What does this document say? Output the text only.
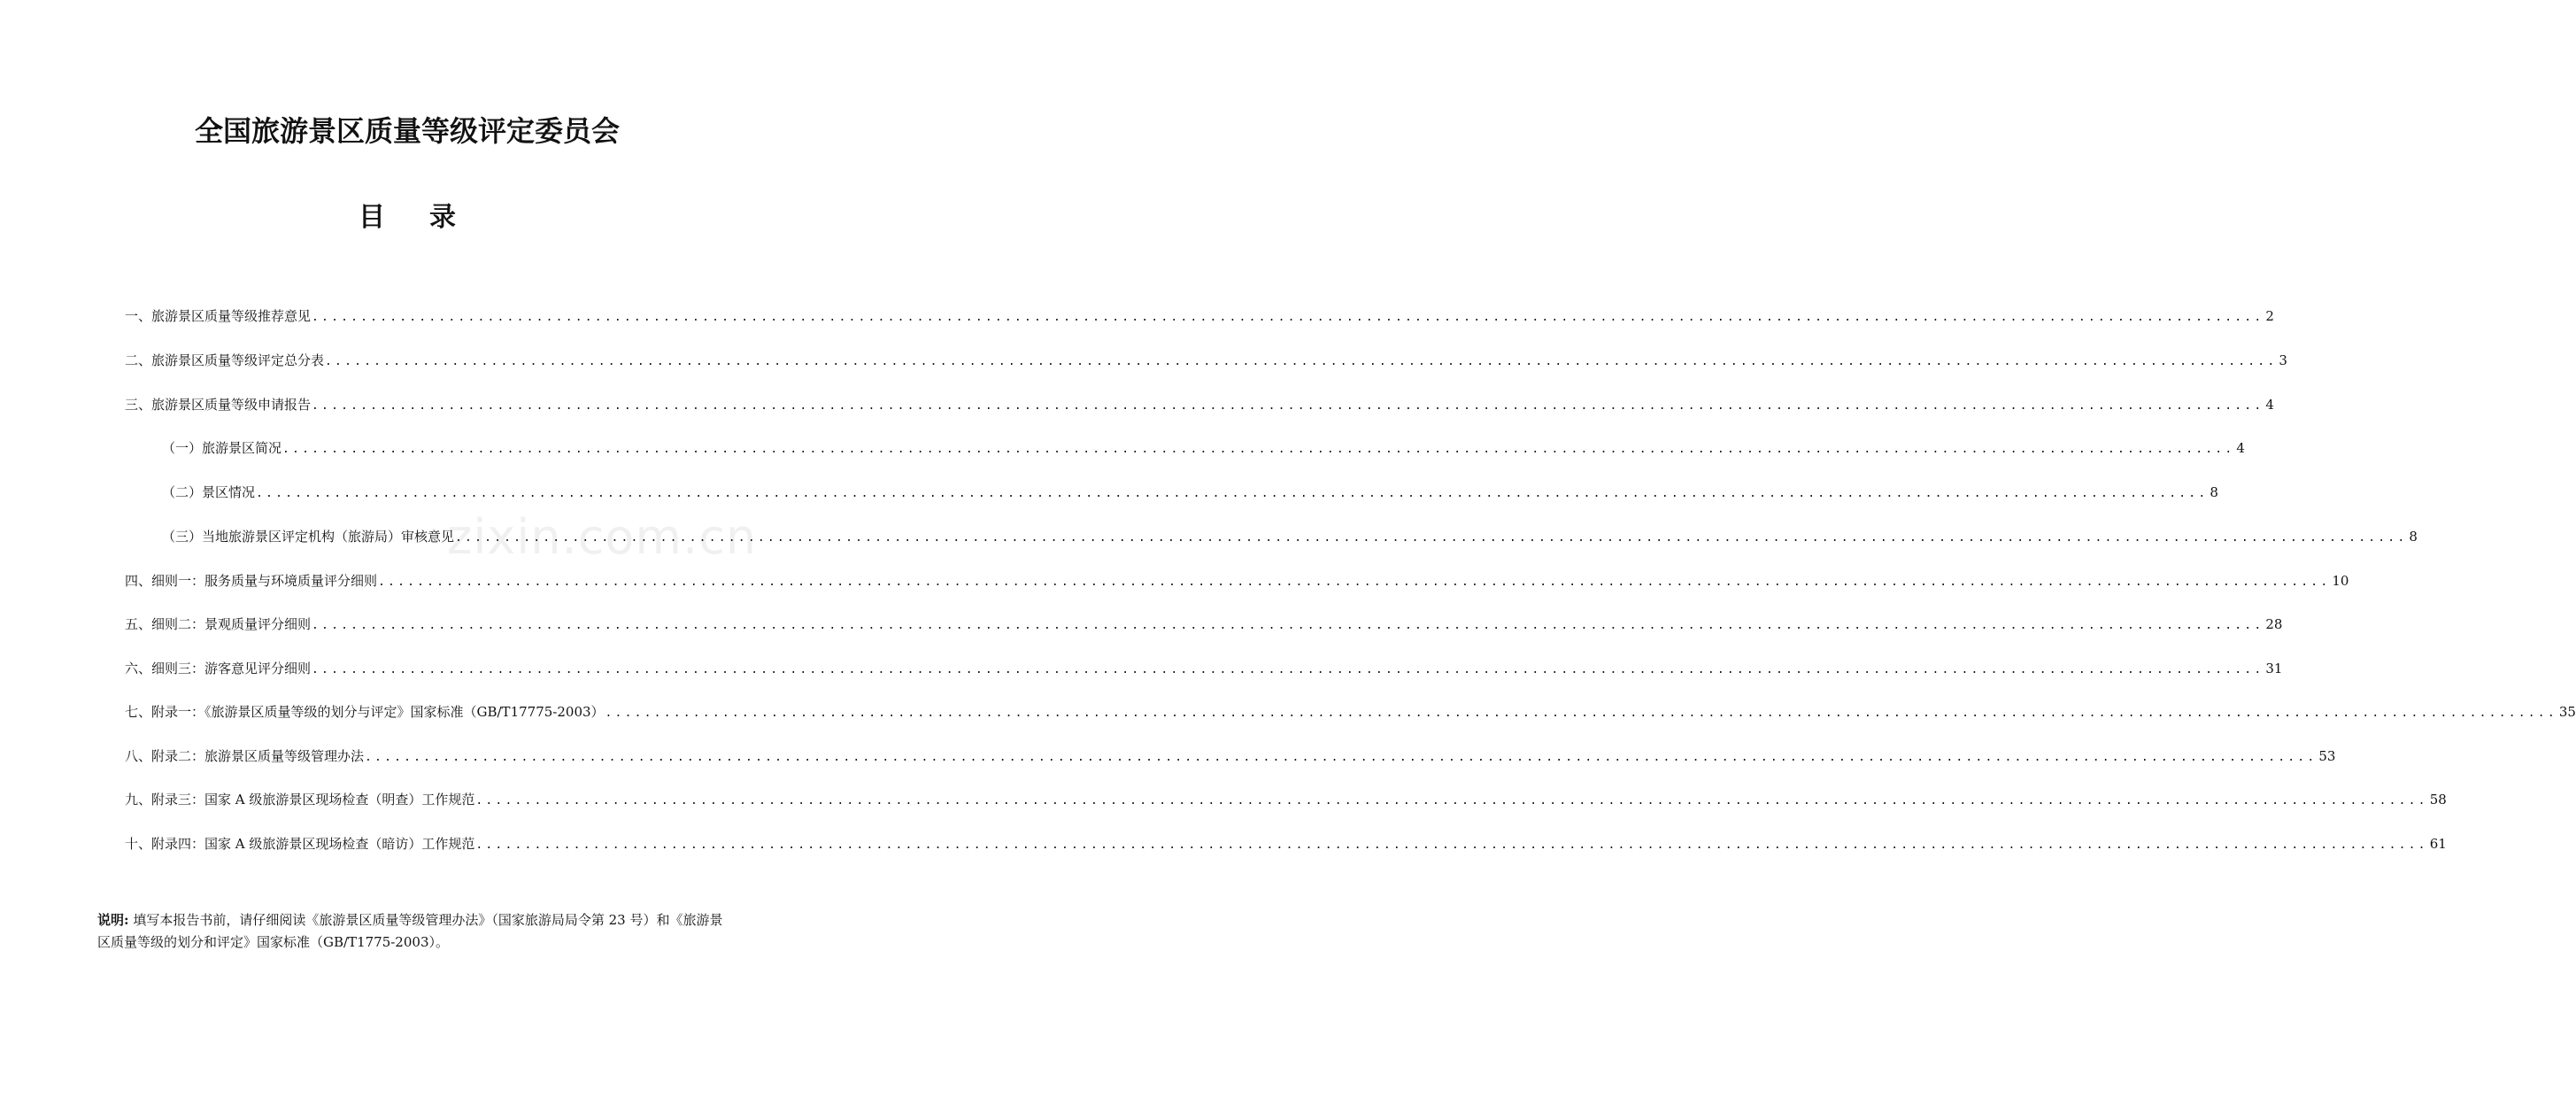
全国旅游景区质量等级评定委员会
目 录
一、旅游景区质量等级推荐意见 ........................................................................................................................................................................................................ 2
二、旅游景区质量等级评定总分表 ........................................................................................................................................................................................................ 3
三、旅游景区质量等级申请报告 ........................................................................................................................................................................................................ 4
（一）旅游景区简况 ........................................................................................................................................................................................................ 4
（二）景区情况 ........................................................................................................................................................................................................ 8
（三）当地旅游景区评定机构（旅游局）审核意见 ........................................................................................................................................................................................................ 8
四、细则一：服务质量与环境质量评分细则 ........................................................................................................................................................................................................ 10
五、细则二：景观质量评分细则 ........................................................................................................................................................................................................ 28
六、细则三：游客意见评分细则 ........................................................................................................................................................................................................ 31
七、附录一：《旅游景区质量等级的划分与评定》国家标准（GB/T17775-2003） ........................................................................................................................................................................................................ 35
八、附录二：旅游景区质量等级管理办法 ........................................................................................................................................................................................................ 53
九、附录三：国家 A 级旅游景区现场检查（明查）工作规范 ........................................................................................................................................................................................................ 58
十、附录四：国家 A 级旅游景区现场检查（暗访）工作规范 ........................................................................................................................................................................................................ 61
说明: 填写本报告书前，请仔细阅读《旅游景区质量等级管理办法》（国家旅游局局令第 23 号）和《旅游景区质量等级的划分和评定》国家标准（GB/T1775-2003）。
zixin.com.cn
